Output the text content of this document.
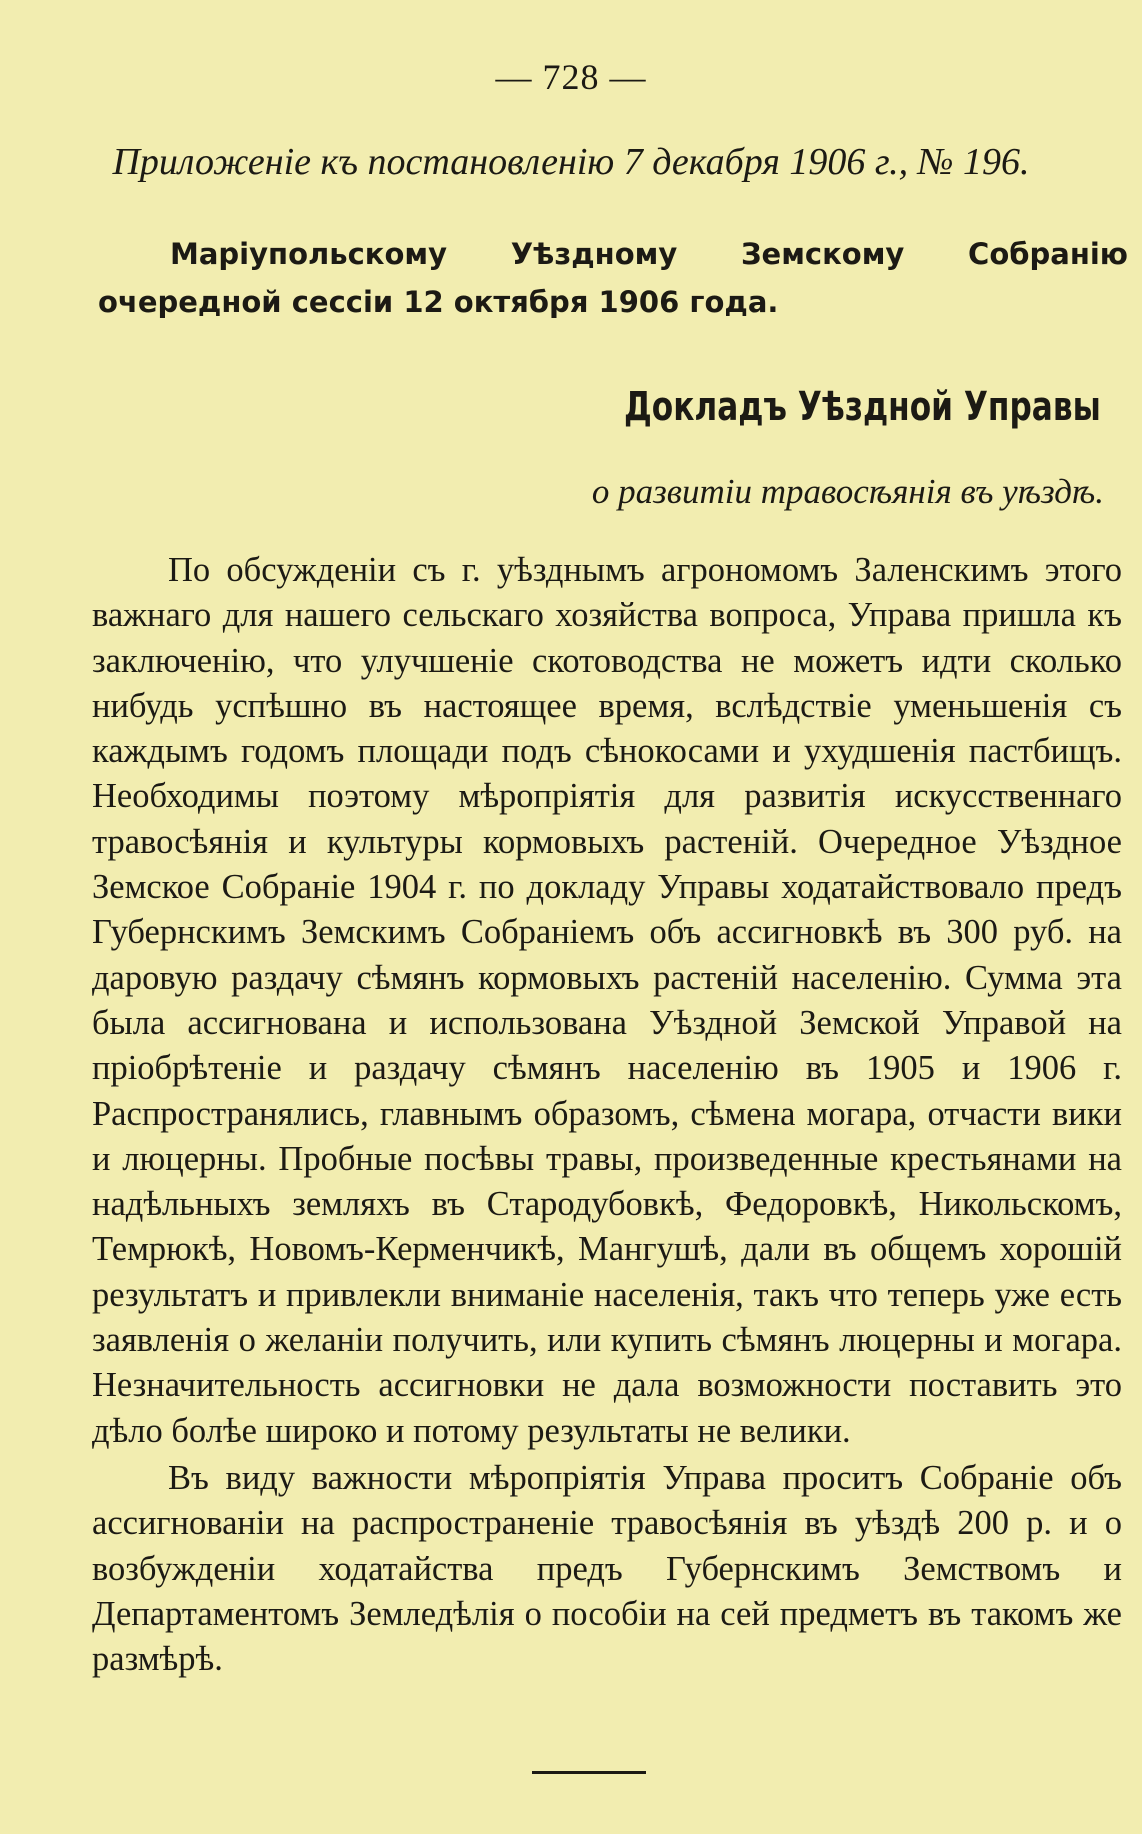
— 728 —
Приложеніе къ постановленію 7 декабря 1906 г., № 196.
Маріупольскому Уѣздному Земскому Собранію очередной сессіи 12 октября 1906 года.
Докладъ Уѣздной Управы
о развитіи травосѣянія въ уѣздѣ.

По обсужденіи съ г. уѣзднымъ агрономомъ Заленскимъ этого важнаго для нашего сельскаго хозяйства вопроса, Управа пришла къ заключенію, что улучшеніе скотоводства не можетъ идти сколько нибудь успѣшно въ настоящее время, вслѣдствіе уменьшенія съ каждымъ годомъ площади подъ сѣнокосами и ухудшенія пастбищъ. Необходимы поэтому мѣропріятія для развитія искусственнаго травосѣянія и культуры кормовыхъ растеній. Очередное Уѣздное Земское Собраніе 1904 г. по докладу Управы ходатайствовало предъ Губернскимъ Земскимъ Собраніемъ объ ассигновкѣ въ 300 руб. на даровую раздачу сѣмянъ кормовыхъ растеній населенію. Сумма эта была ассигнована и использована Уѣздной Земской Управой на пріобрѣтеніе и раздачу сѣмянъ населенію въ 1905 и 1906 г. Распространялись, главнымъ образомъ, сѣмена могара, отчасти вики и люцерны. Пробные посѣвы травы, произведенные крестьянами на надѣльныхъ земляхъ въ Стародубовкѣ, Федоровкѣ, Никольскомъ, Темрюкѣ, Новомъ-Керменчикѣ, Мангушѣ, дали въ общемъ хорошій результатъ и привлекли вниманіе населенія, такъ что теперь уже есть заявленія о желаніи получить, или купить сѣмянъ люцерны и могара. Незначительность ассигновки не дала возможности поставить это дѣло болѣе широко и потому результаты не велики.

Въ виду важности мѣропріятія Управа проситъ Собраніе объ ассигнованіи на распространеніе травосѣянія въ уѣздѣ 200 р. и о возбужденіи ходатайства предъ Губернскимъ Земствомъ и Департаментомъ Земледѣлія о пособіи на сей предметъ въ такомъ же размѣрѣ.
